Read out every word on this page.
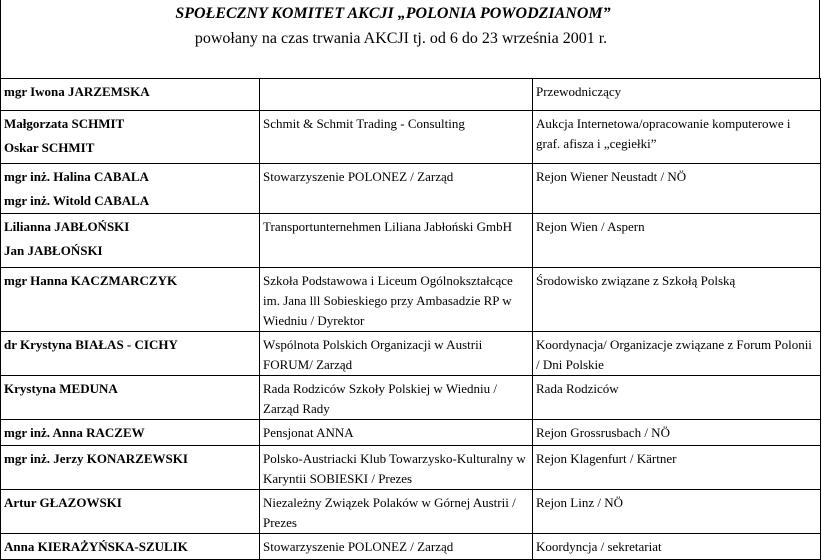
SPOŁECZNY KOMITET AKCJI „POLONIA POWODZIANOM”
powołany na czas trwania AKCJI tj. od 6 do 23 września 2001 r.
mgr Iwona JARZEMSKA		Przewodniczący

Małgorzata SCHMIT
Oskar SCHMIT	Schmit & Schmit Trading - Consulting	Aukcja Internetowa/opracowanie komputerowe i graf. afisza i „cegiełki”

mgr inż. Halina CABALA
mgr inż. Witold CABALA	Stowarzyszenie POLONEZ / Zarząd	Rejon Wiener Neustadt / NÖ

Lilianna JABŁOŃSKI
Jan JABŁOŃSKI	Transportunternehmen Liliana Jabłoński GmbH	Rejon Wien / Aspern

mgr Hanna KACZMARCZYK	Szkoła Podstawowa i Liceum Ogólnokształcące im. Jana lll Sobieskiego przy Ambasadzie RP w Wiedniu / Dyrektor	Środowisko związane z Szkołą Polską

dr Krystyna BIAŁAS - CICHY	Wspólnota Polskich Organizacji w Austrii FORUM/ Zarząd	Koordynacja/ Organizacje związane z Forum Polonii / Dni Polskie

Krystyna MEDUNA	Rada Rodziców Szkoły Polskiej w Wiedniu / Zarząd Rady	Rada Rodziców

mgr inż. Anna RACZEW	Pensjonat ANNA	Rejon Grossrusbach / NÖ

mgr inż. Jerzy KONARZEWSKI	Polsko-Austriacki Klub Towarzysko-Kulturalny w Karyntii SOBIESKI / Prezes	Rejon Klagenfurt / Kärtner

Artur GŁAZOWSKI	Niezależny Związek Polaków w Górnej Austrii / Prezes	Rejon Linz / NÖ

Anna KIERAŻYŃSKA-SZULIK	Stowarzyszenie POLONEZ / Zarząd	Koordyncja / sekretariat
